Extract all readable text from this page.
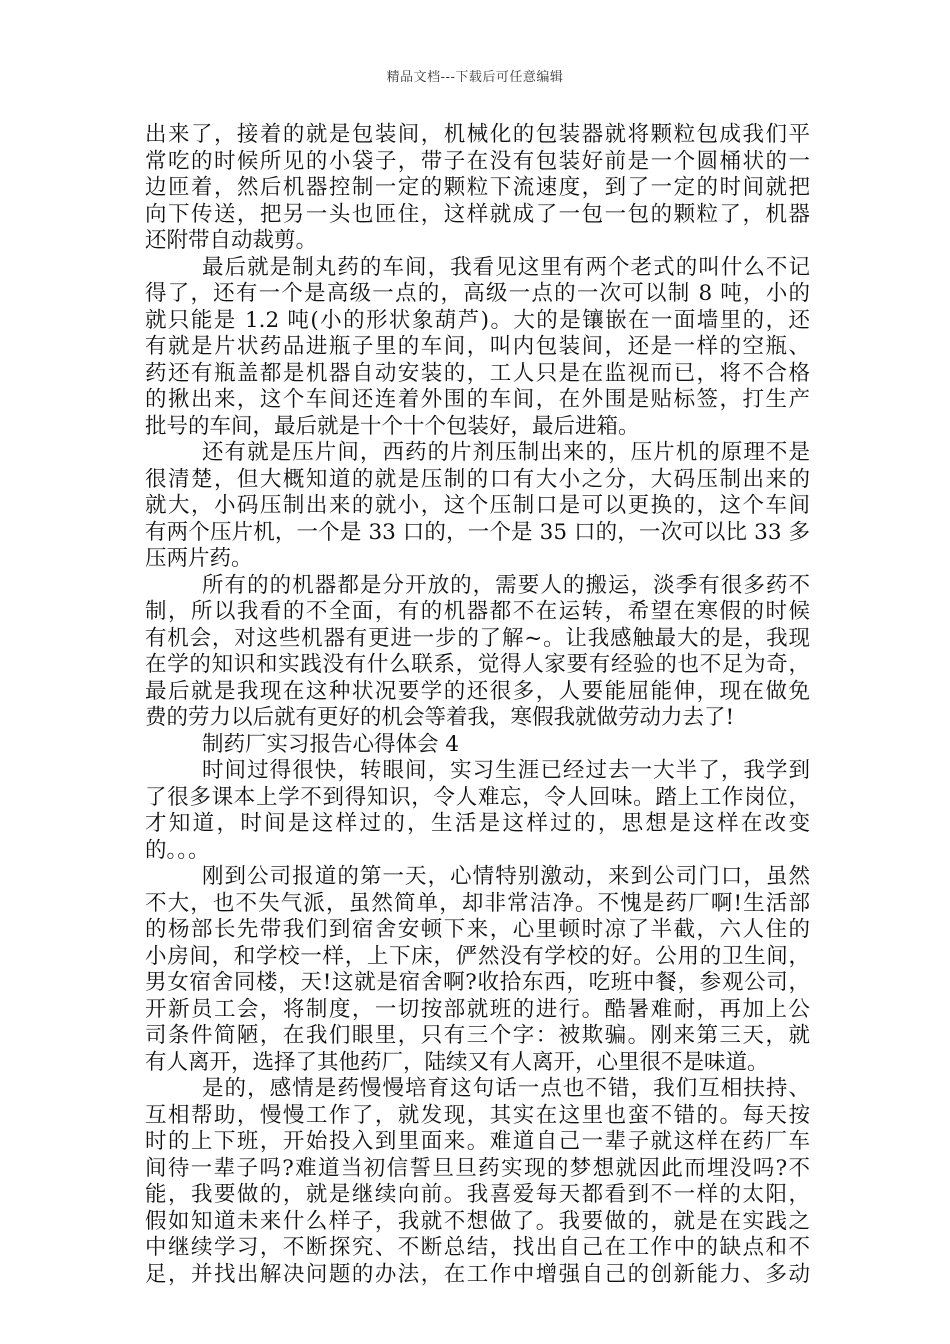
精品文档---下载后可任意编辑
出来了，接着的就是包装间，机械化的包装器就将颗粒包成我们平
常吃的时候所见的小袋子，带子在没有包装好前是一个圆桶状的一
边匝着，然后机器控制一定的颗粒下流速度，到了一定的时间就把
向下传送，把另一头也匝住，这样就成了一包一包的颗粒了，机器
还附带自动裁剪。
最后就是制丸药的车间，我看见这里有两个老式的叫什么不记
得了，还有一个是高级一点的，高级一点的一次可以制 8 吨，小的
就只能是 1.2 吨(小的形状象葫芦)。大的是镶嵌在一面墙里的，还
有就是片状药品进瓶子里的车间，叫内包装间，还是一样的空瓶、
药还有瓶盖都是机器自动安装的，工人只是在监视而已，将不合格
的揪出来，这个车间还连着外围的车间，在外围是贴标签，打生产
批号的车间，最后就是十个十个包装好，最后进箱。
还有就是压片间，西药的片剂压制出来的，压片机的原理不是
很清楚，但大概知道的就是压制的口有大小之分，大码压制出来的
就大，小码压制出来的就小，这个压制口是可以更换的，这个车间
有两个压片机，一个是 33 口的，一个是 35 口的，一次可以比 33 多
压两片药。
所有的的机器都是分开放的，需要人的搬运，淡季有很多药不
制，所以我看的不全面，有的机器都不在运转，希望在寒假的时候
有机会，对这些机器有更进一步的了解~。让我感触最大的是，我现
在学的知识和实践没有什么联系，觉得人家要有经验的也不足为奇，
最后就是我现在这种状况要学的还很多，人要能屈能伸，现在做免
费的劳力以后就有更好的机会等着我，寒假我就做劳动力去了!
制药厂实习报告心得体会 4
时间过得很快，转眼间，实习生涯已经过去一大半了，我学到
了很多课本上学不到得知识，令人难忘，令人回味。踏上工作岗位，
才知道，时间是这样过的，生活是这样过的，思想是这样在改变
的。。。
刚到公司报道的第一天，心情特别激动，来到公司门口，虽然
不大，也不失气派，虽然简单，却非常洁净。不愧是药厂啊!生活部
的杨部长先带我们到宿舍安顿下来，心里顿时凉了半截，六人住的
小房间，和学校一样，上下床，俨然没有学校的好。公用的卫生间，
男女宿舍同楼，天!这就是宿舍啊?收拾东西，吃班中餐，参观公司，
开新员工会，将制度，一切按部就班的进行。酷暑难耐，再加上公
司条件简陋，在我们眼里，只有三个字：被欺骗。刚来第三天，就
有人离开，选择了其他药厂，陆续又有人离开，心里很不是味道。
是的，感情是药慢慢培育这句话一点也不错，我们互相扶持、
互相帮助，慢慢工作了，就发现，其实在这里也蛮不错的。每天按
时的上下班，开始投入到里面来。难道自己一辈子就这样在药厂车
间待一辈子吗?难道当初信誓旦旦药实现的梦想就因此而埋没吗?不
能，我要做的，就是继续向前。我喜爱每天都看到不一样的太阳，
假如知道未来什么样子，我就不想做了。我要做的，就是在实践之
中继续学习，不断探究、不断总结，找出自己在工作中的缺点和不
足，并找出解决问题的办法，在工作中增强自己的创新能力、多动
